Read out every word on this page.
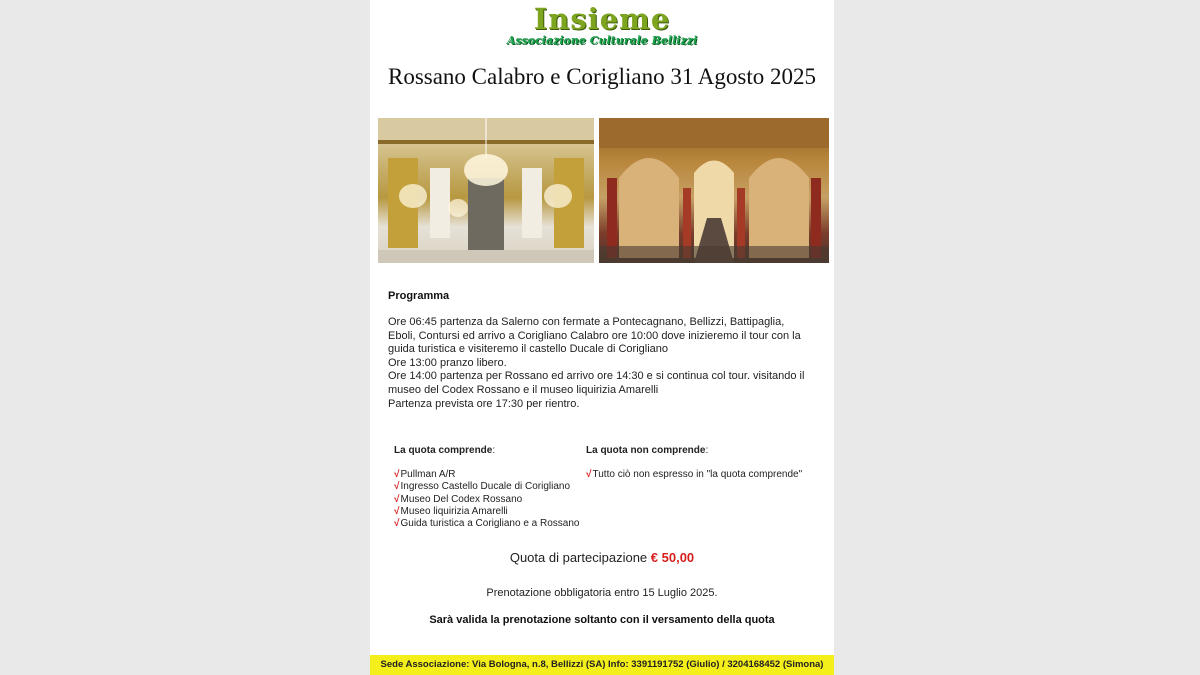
Insieme
Associazione Culturale Bellizzi
Rossano Calabro e Corigliano 31 Agosto 2025
Programma
Ore 06:45 partenza da Salerno con fermate a Pontecagnano, Bellizzi, Battipaglia,
Eboli, Contursi ed arrivo a Corigliano Calabro ore 10:00 dove inizieremo il tour con la
guida turistica e visiteremo il castello Ducale di Corigliano
Ore 13:00 pranzo libero.
Ore 14:00 partenza per Rossano ed arrivo ore 14:30 e si continua col tour. visitando il
museo del Codex Rossano e il museo liquirizia Amarelli
Partenza prevista ore 17:30 per rientro.
La quota comprende:
√Pullman A/R
√Ingresso Castello Ducale di Corigliano
√Museo Del Codex Rossano
√Museo liquirizia Amarelli
√Guida turistica a Corigliano e a Rossano
La quota non comprende:
√Tutto ciò non espresso in "la quota comprende"
Quota di partecipazione € 50,00
Prenotazione obbligatoria entro 15 Luglio 2025.
Sarà valida la prenotazione soltanto con il versamento della quota
Sede Associazione: Via Bologna, n.8, Bellizzi (SA) Info: 3391191752 (Giulio) / 3204168452 (Simona)
